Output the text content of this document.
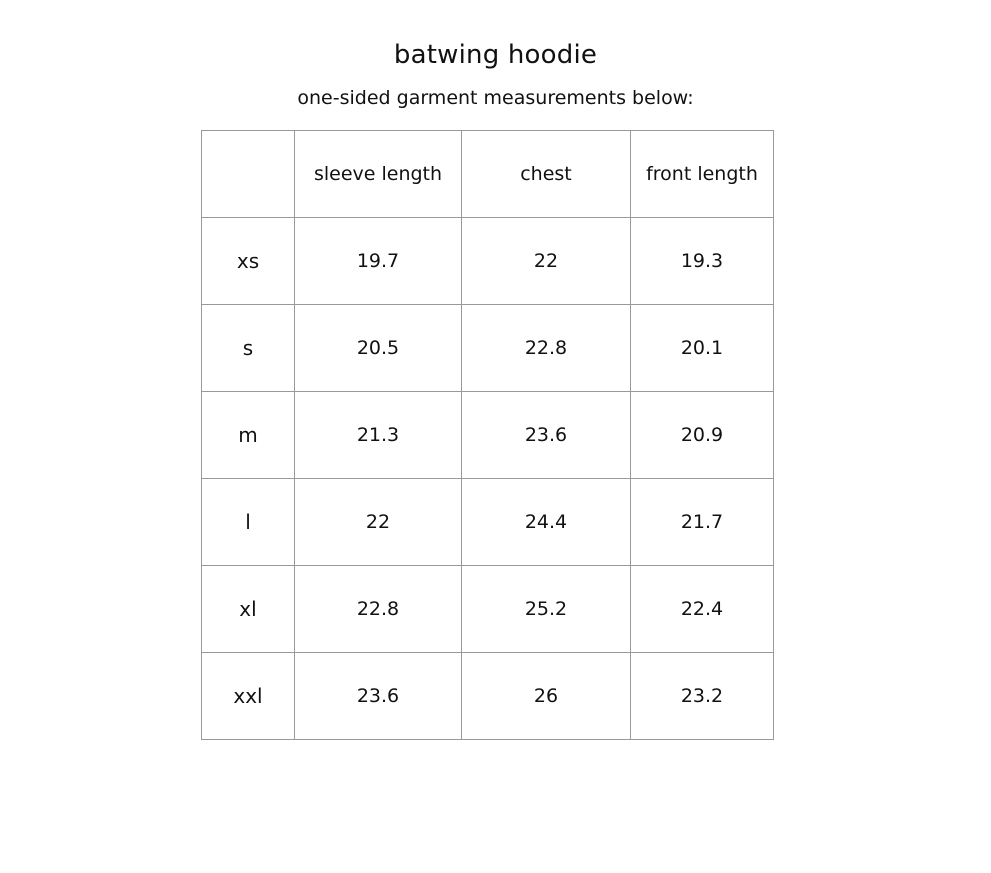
batwing hoodie
one-sided garment measurements below:
	sleeve length	chest	front length
xs	19.7	22	19.3
s	20.5	22.8	20.1
m	21.3	23.6	20.9
l	22	24.4	21.7
xl	22.8	25.2	22.4
xxl	23.6	26	23.2
